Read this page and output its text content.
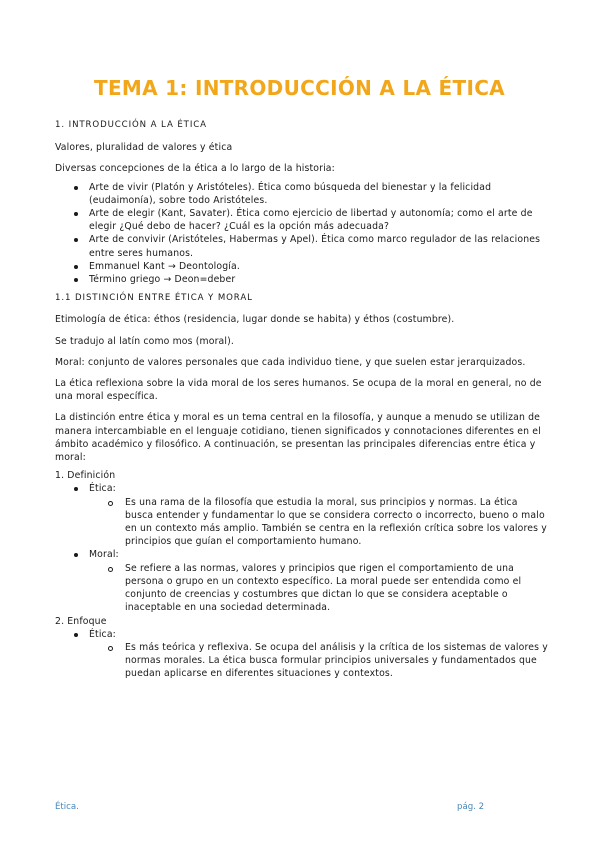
TEMA 1: INTRODUCCIÓN A LA ÉTICA
1. INTRODUCCIÓN A LA ÉTICA

Valores, pluralidad de valores y ética

Diversas concepciones de la ética a lo largo de la historia:

Arte de vivir (Platón y Aristóteles). Ética como búsqueda del bienestar y la felicidad (eudaimonía), sobre todo Aristóteles.
Arte de elegir (Kant, Savater). Ética como ejercicio de libertad y autonomía; como el arte de elegir ¿Qué debo de hacer? ¿Cuál es la opción más adecuada?
Arte de convivir (Aristóteles, Habermas y Apel). Ética como marco regulador de las relaciones entre seres humanos.
Emmanuel Kant → Deontología.
Término griego → Deon=deber
1.1 DISTINCIÓN ENTRE ÉTICA Y MORAL

Etimología de ética: éthos (residencia, lugar donde se habita) y éthos (costumbre).

Se tradujo al latín como mos (moral).

Moral: conjunto de valores personales que cada individuo tiene, y que suelen estar jerarquizados.

La ética reflexiona sobre la vida moral de los seres humanos. Se ocupa de la moral en general, no de una moral específica.

La distinción entre ética y moral es un tema central en la filosofía, y aunque a menudo se utilizan de manera intercambiable en el lenguaje cotidiano, tienen significados y connotaciones diferentes en el ámbito académico y filosófico. A continuación, se presentan las principales diferencias entre ética y moral:

1. Definición
Ética:
Es una rama de la filosofía que estudia la moral, sus principios y normas. La ética busca entender y fundamentar lo que se considera correcto o incorrecto, bueno o malo en un contexto más amplio. También se centra en la reflexión crítica sobre los valores y principios que guían el comportamiento humano.
Moral:
Se refiere a las normas, valores y principios que rigen el comportamiento de una persona o grupo en un contexto específico. La moral puede ser entendida como el conjunto de creencias y costumbres que dictan lo que se considera aceptable o inaceptable en una sociedad determinada.
2. Enfoque
Ética:
Es más teórica y reflexiva. Se ocupa del análisis y la crítica de los sistemas de valores y normas morales. La ética busca formular principios universales y fundamentados que puedan aplicarse en diferentes situaciones y contextos.
Ética.	pág. 2
